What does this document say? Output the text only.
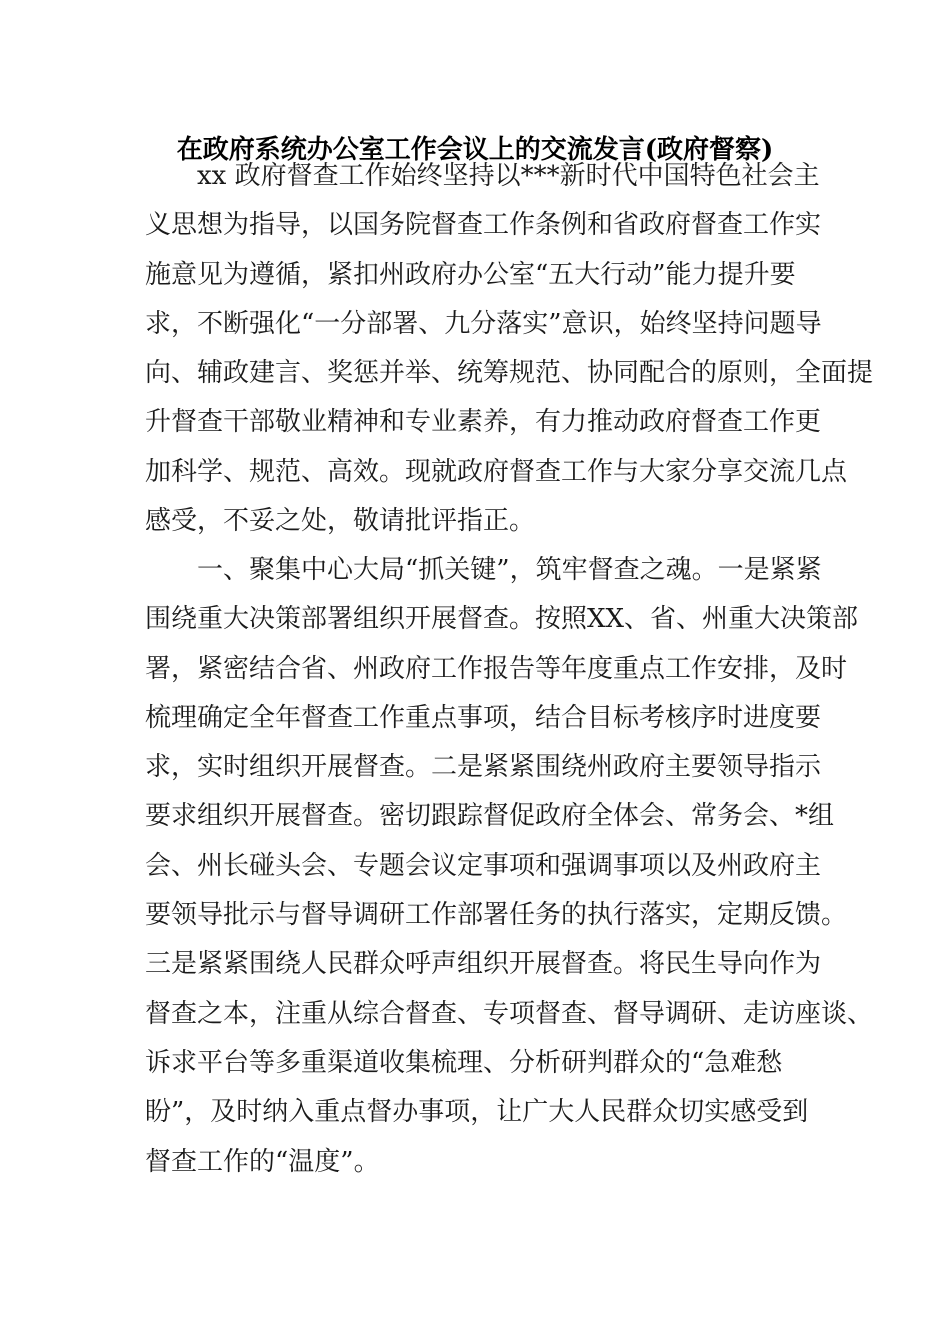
在政府系统办公室工作会议上的交流发言(政府督察)
xx 政府督查工作始终坚持以***新时代中国特色社会主
义思想为指导，以国务院督查工作条例和省政府督查工作实
施意见为遵循，紧扣州政府办公室“五大行动”能力提升要
求，不断强化“一分部署、九分落实”意识，始终坚持问题导
向、辅政建言、奖惩并举、统筹规范、协同配合的原则，全面提
升督查干部敬业精神和专业素养，有力推动政府督查工作更
加科学、规范、高效。现就政府督查工作与大家分享交流几点
感受，不妥之处，敬请批评指正。
一、聚集中心大局“抓关键”，筑牢督查之魂。一是紧紧
围绕重大决策部署组织开展督查。按照XX、省、州重大决策部
署，紧密结合省、州政府工作报告等年度重点工作安排，及时
梳理确定全年督查工作重点事项，结合目标考核序时进度要
求，实时组织开展督查。二是紧紧围绕州政府主要领导指示
要求组织开展督查。密切跟踪督促政府全体会、常务会、*组
会、州长碰头会、专题会议定事项和强调事项以及州政府主
要领导批示与督导调研工作部署任务的执行落实，定期反馈。
三是紧紧围绕人民群众呼声组织开展督查。将民生导向作为
督查之本，注重从综合督查、专项督查、督导调研、走访座谈、
诉求平台等多重渠道收集梳理、分析研判群众的“急难愁
盼”，及时纳入重点督办事项，让广大人民群众切实感受到
督查工作的“温度”。
